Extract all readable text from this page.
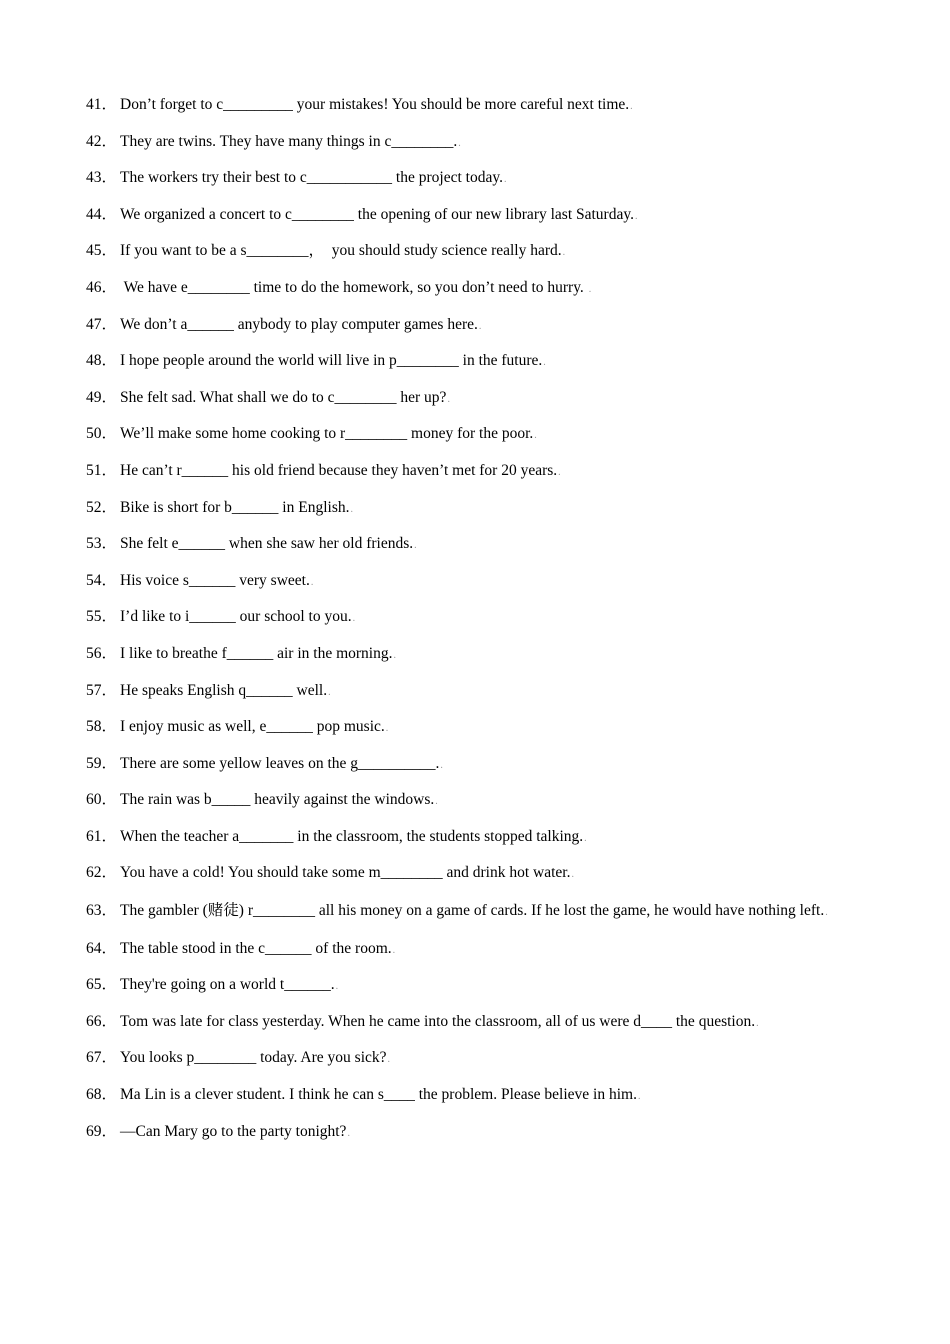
41． Don’t forget to c_________ your mistakes! You should be more careful next time..
42． They are twins. They have many things in c________..
43． The workers try their best to c___________ the project today..
44． We organized a concert to c________ the opening of our new library last Saturday..
45． If you want to be a s________，  you should study science really hard..
46． We have e________ time to do the homework, so you don’t need to hurry. .
47． We don’t a______ anybody to play computer games here..
48． I hope people around the world will live in p________ in the future..
49． She felt sad. What shall we do to c________ her up?.
50． We’ll make some home cooking to r________ money for the poor..
51． He can’t r______ his old friend because they haven’t met for 20 years..
52． Bike is short for b______ in English..
53． She felt e______ when she saw her old friends..
54． His voice s______ very sweet..
55． I’d like to i______ our school to you..
56． I like to breathe f______ air in the morning..
57． He speaks English q______ well..
58． I enjoy music as well, e______ pop music..
59． There are some yellow leaves on the g__________..
60． The rain was b_____ heavily against the windows..
61． When the teacher a_______ in the classroom, the students stopped talking..
62． You have a cold! You should take some m________ and drink hot water..
63． The gambler (赌徒) r________ all his money on a game of cards. If he lost the game, he would have nothing left..
64． The table stood in the c______ of the room..
65． They're going on a world t______..
66． Tom was late for class yesterday. When he came into the classroom, all of us were d____ the question..
67． You looks p________ today. Are you sick?.
68． Ma Lin is a clever student. I think he can s____ the problem. Please believe in him..
69． —Can Mary go to the party tonight?.
